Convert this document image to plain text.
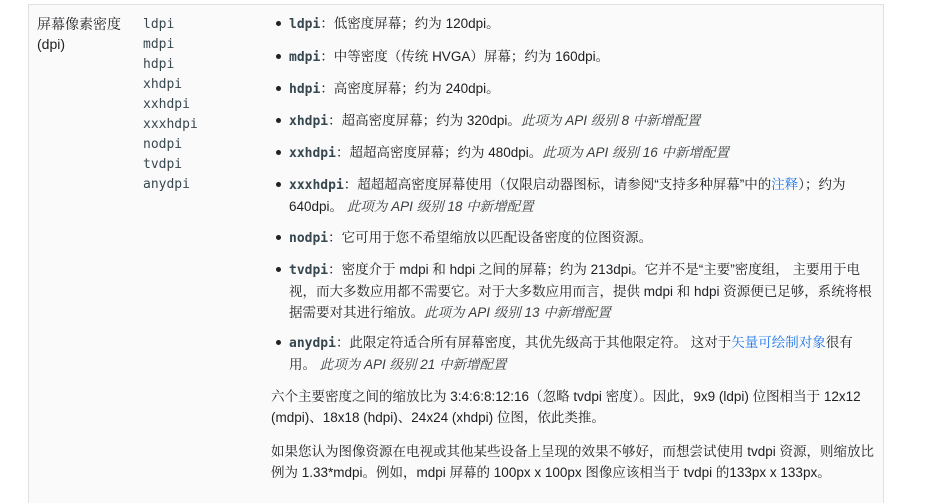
屏幕像素密度(dpi)
ldpi
mdpi
hdpi
xhdpi
xxhdpi
xxxhdpi
nodpi
tvdpi
anydpi
ldpi：低密度屏幕；约为 120dpi。
mdpi：中等密度（传统 HVGA）屏幕；约为 160dpi。
hdpi：高密度屏幕；约为 240dpi。
xhdpi：超高密度屏幕；约为 320dpi。此项为 API 级别 8 中新增配置
xxhdpi：超超高密度屏幕；约为 480dpi。此项为 API 级别 16 中新增配置
xxxhdpi：超超超高密度屏幕使用（仅限启动器图标，请参阅“支持多种屏幕”中的注释）；约为 640dpi。 此项为 API 级别 18 中新增配置
nodpi：它可用于您不希望缩放以匹配设备密度的位图资源。
tvdpi：密度介于 mdpi 和 hdpi 之间的屏幕；约为 213dpi。它并不是“主要”密度组， 主要用于电视，而大多数应用都不需要它。对于大多数应用而言，提供 mdpi 和 hdpi 资源便已足够，系统将根据需要对其进行缩放。此项为 API 级别 13 中新增配置
anydpi：此限定符适合所有屏幕密度，其优先级高于其他限定符。 这对于矢量可绘制对象很有用。 此项为 API 级别 21 中新增配置

六个主要密度之间的缩放比为 3:4:6:8:12:16（忽略 tvdpi 密度）。因此，9x9 (ldpi) 位图相当于 12x12 (mdpi)、18x18 (hdpi)、24x24 (xhdpi) 位图，依此类推。

如果您认为图像资源在电视或其他某些设备上呈现的效果不够好，而想尝试使用 tvdpi 资源，则缩放比例为 1.33*mdpi。例如，mdpi 屏幕的 100px x 100px 图像应该相当于 tvdpi 的133px x 133px。
